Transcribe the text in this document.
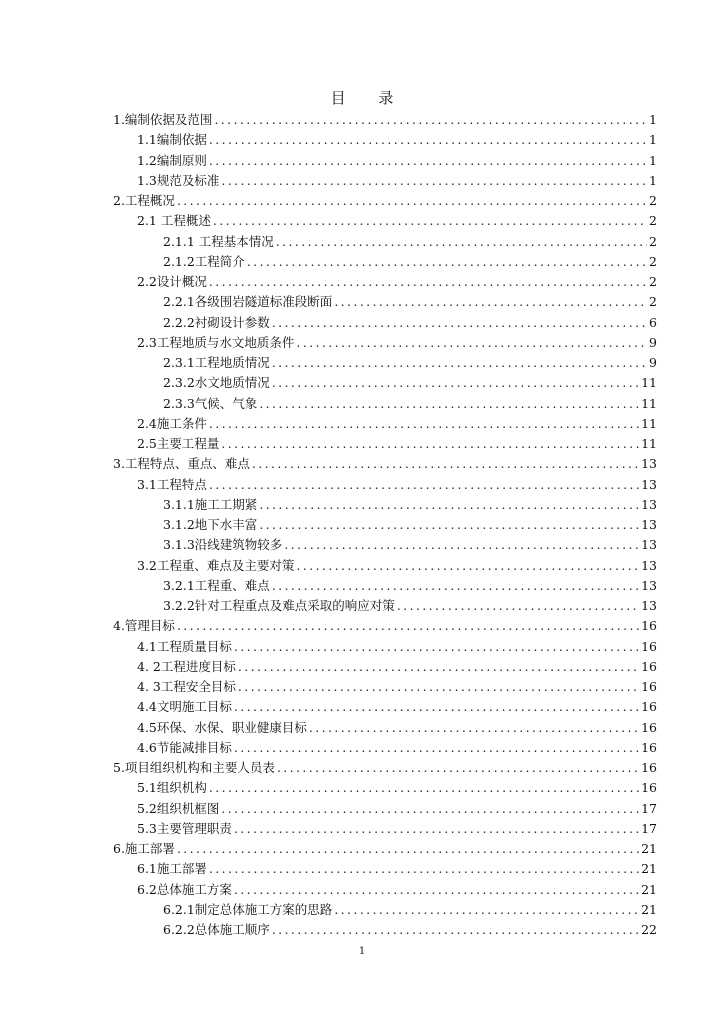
目 录
1.编制依据及范围 .....	1
1.1编制依据 .....	1
1.2编制原则 .....	1
1.3规范及标准 .....	1
2.工程概况 .....	2
2.1 工程概述 .....	2
2.1.1 工程基本情况 .....	2
2.1.2工程简介 .....	2
2.2设计概况 .....	2
2.2.1各级围岩隧道标准段断面 .....	2
2.2.2衬砌设计参数 .....	6
2.3工程地质与水文地质条件 .....	9
2.3.1工程地质情况 .....	9
2.3.2水文地质情况 .....	11
2.3.3气候、气象 .....	11
2.4施工条件 .....	11
2.5主要工程量 .....	11
3.工程特点、重点、难点 .....	13
3.1工程特点 .....	13
3.1.1施工工期紧 .....	13
3.1.2地下水丰富 .....	13
3.1.3沿线建筑物较多 .....	13
3.2工程重、难点及主要对策 .....	13
3.2.1工程重、难点 .....	13
3.2.2针对工程重点及难点采取的响应对策 .....	13
4.管理目标 .....	16
4.1工程质量目标 .....	16
4. 2工程进度目标 .....	16
4. 3工程安全目标 .....	16
4.4文明施工目标 .....	16
4.5环保、水保、职业健康目标 .....	16
4.6节能减排目标 .....	16
5.项目组织机构和主要人员表 .....	16
5.1组织机构 .....	16
5.2组织机框图 .....	17
5.3主要管理职责 .....	17
6.施工部署 .....	21
6.1施工部署 .....	21
6.2总体施工方案 .....	21
6.2.1制定总体施工方案的思路 .....	21
6.2.2总体施工顺序 .....	22
1
